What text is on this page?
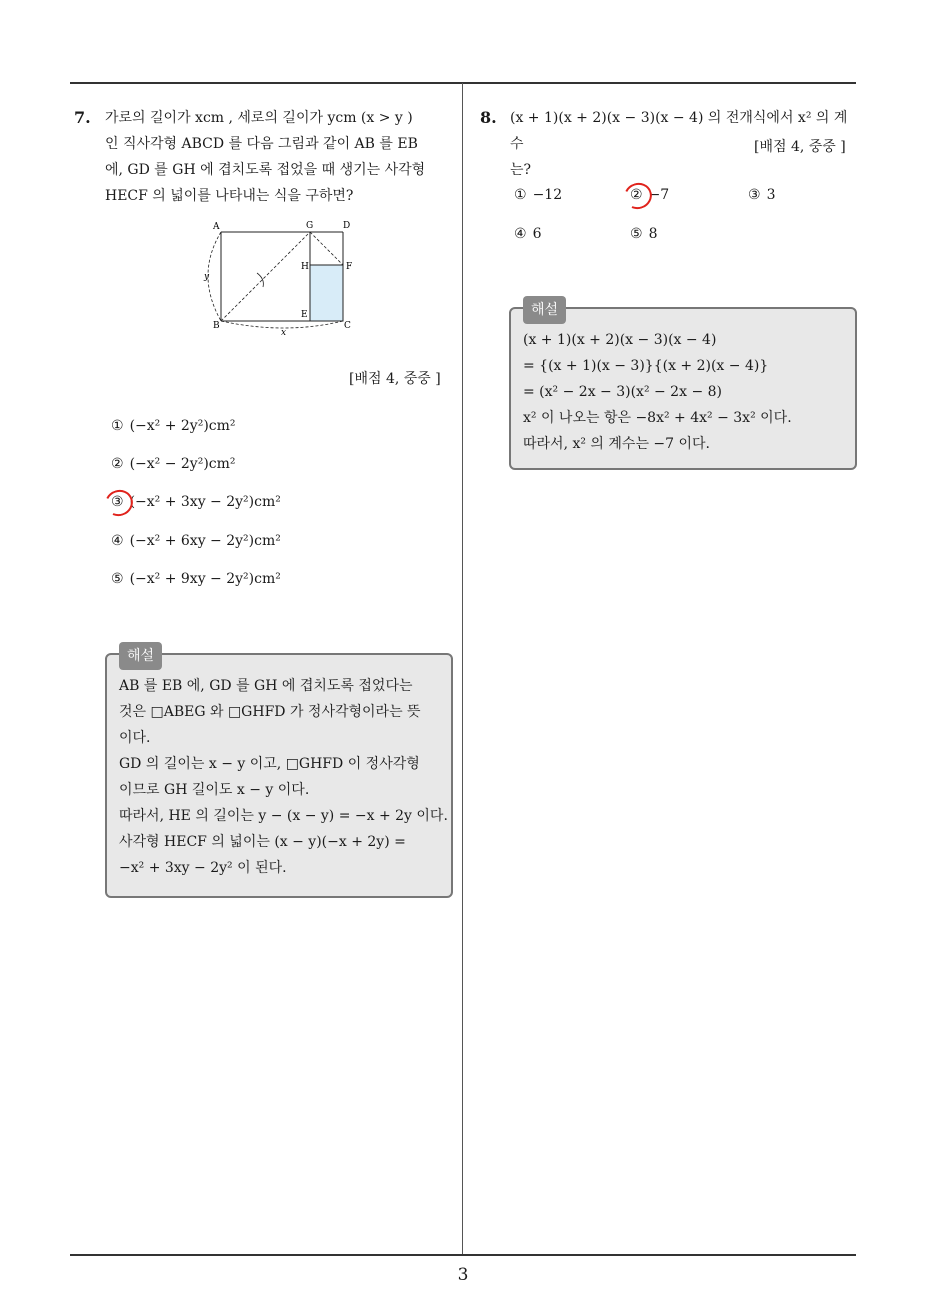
3
7. 가로의 길이가 xcm , 세로의 길이가 ycm (x > y )
인 직사각형 ABCD 를 다음 그림과 같이 AB 를 EB
에, GD 를 GH 에 겹치도록 접었을 때 생기는 사각형
HECF 의 넓이를 나타내는 식을 구하면?
A	G	D
H	F
E
B	C
x
y
[배점 4, 중중 ]
① (−x² + 2y²)cm²
② (−x² − 2y²)cm²
③ (−x² + 3xy − 2y²)cm²
④ (−x² + 6xy − 2y²)cm²
⑤ (−x² + 9xy − 2y²)cm²
해설
AB 를 EB 에, GD 를 GH 에 겹치도록 접었다는
것은 □ABEG 와 □GHFD 가 정사각형이라는 뜻
이다.
GD 의 길이는 x − y 이고, □GHFD 이 정사각형
이므로 GH 길이도 x − y 이다.
따라서, HE 의 길이는 y − (x − y) = −x + 2y 이다.
사각형 HECF 의 넓이는 (x − y)(−x + 2y) =
−x² + 3xy − 2y² 이 된다.
8. (x + 1)(x + 2)(x − 3)(x − 4) 의 전개식에서 x² 의 계수
는?
[배점 4, 중중 ]
① −12	② −7	③ 3
④ 6	⑤ 8
해설
(x + 1)(x + 2)(x − 3)(x − 4)
= {(x + 1)(x − 3)}{(x + 2)(x − 4)}
= (x² − 2x − 3)(x² − 2x − 8)
x² 이 나오는 항은 −8x² + 4x² − 3x² 이다.
따라서, x² 의 계수는 −7 이다.
